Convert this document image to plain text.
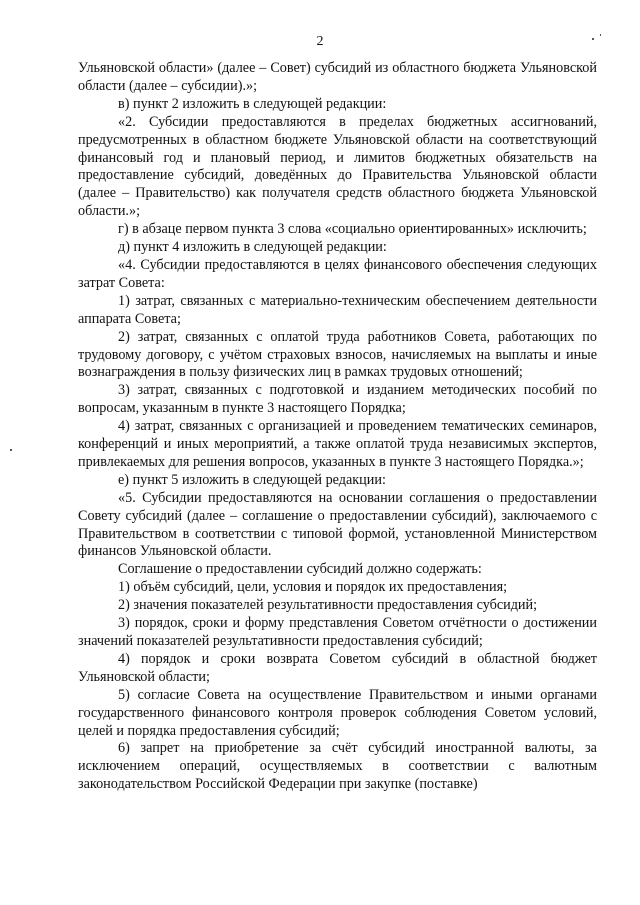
2

Ульяновской области» (далее – Совет) субсидий из областного бюджета Ульяновской области (далее – субсидии).»;

в) пункт 2 изложить в следующей редакции:

«2. Субсидии предоставляются в пределах бюджетных ассигнований, предусмотренных в областном бюджете Ульяновской области на соответствующий финансовый год и плановый период, и лимитов бюджетных обязательств на предоставление субсидий, доведённых до Правительства Ульяновской области (далее – Правительство) как получателя средств областного бюджета Ульяновской области.»;

г) в абзаце первом пункта 3 слова «социально ориентированных» исключить;

д) пункт 4 изложить в следующей редакции:

«4. Субсидии предоставляются в целях финансового обеспечения следующих затрат Совета:

1) затрат, связанных с материально-техническим обеспечением деятельности аппарата Совета;

2) затрат, связанных с оплатой труда работников Совета, работающих по трудовому договору, с учётом страховых взносов, начисляемых на выплаты и иные вознаграждения в пользу физических лиц в рамках трудовых отношений;

3) затрат, связанных с подготовкой и изданием методических пособий по вопросам, указанным в пункте 3 настоящего Порядка;

4) затрат, связанных с организацией и проведением тематических семинаров, конференций и иных мероприятий, а также оплатой труда независимых экспертов, привлекаемых для решения вопросов, указанных в пункте 3 настоящего Порядка.»;

е) пункт 5 изложить в следующей редакции:

«5. Субсидии предоставляются на основании соглашения о предоставлении Совету субсидий (далее – соглашение о предоставлении субсидий), заключаемого с Правительством в соответствии с типовой формой, установленной Министерством финансов Ульяновской области.

Соглашение о предоставлении субсидий должно содержать:

1) объём субсидий, цели, условия и порядок их предоставления;

2) значения показателей результативности предоставления субсидий;

3) порядок, сроки и форму представления Советом отчётности о достижении значений показателей результативности предоставления субсидий;

4) порядок и сроки возврата Советом субсидий в областной бюджет Ульяновской области;

5) согласие Совета на осуществление Правительством и иными органами государственного финансового контроля проверок соблюдения Советом условий, целей и порядка предоставления субсидий;

6) запрет на приобретение за счёт субсидий иностранной валюты, за исключением операций, осуществляемых в соответствии с валютным законодательством Российской Федерации при закупке (поставке)
